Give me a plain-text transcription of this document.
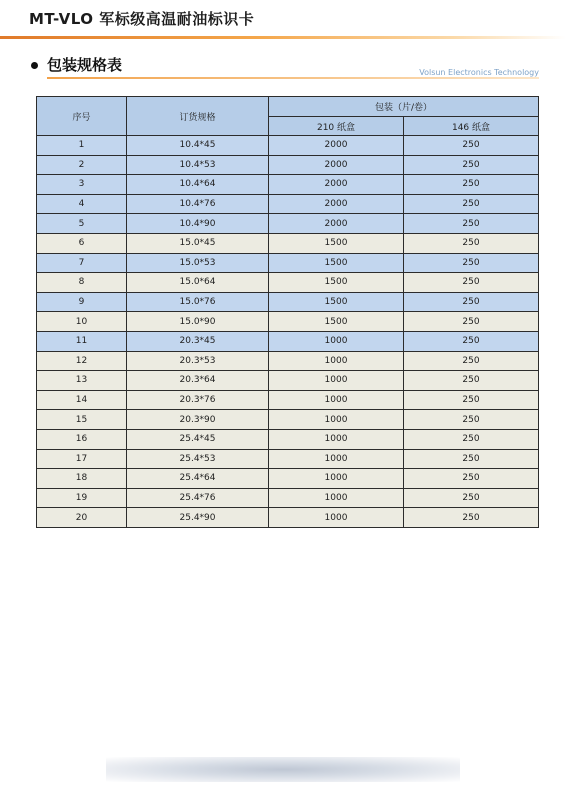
MT-VLO 军标级高温耐油标识卡
包装规格表	Volsun Electronics Technology
序号	订货规格	包装（片/卷）	
		210 纸盒	146 纸盒
1	10.4*45	2000	250
2	10.4*53	2000	250
3	10.4*64	2000	250
4	10.4*76	2000	250
5	10.4*90	2000	250
6	15.0*45	1500	250
7	15.0*53	1500	250
8	15.0*64	1500	250
9	15.0*76	1500	250
10	15.0*90	1500	250
11	20.3*45	1000	250
12	20.3*53	1000	250
13	20.3*64	1000	250
14	20.3*76	1000	250
15	20.3*90	1000	250
16	25.4*45	1000	250
17	25.4*53	1000	250
18	25.4*64	1000	250
19	25.4*76	1000	250
20	25.4*90	1000	250
